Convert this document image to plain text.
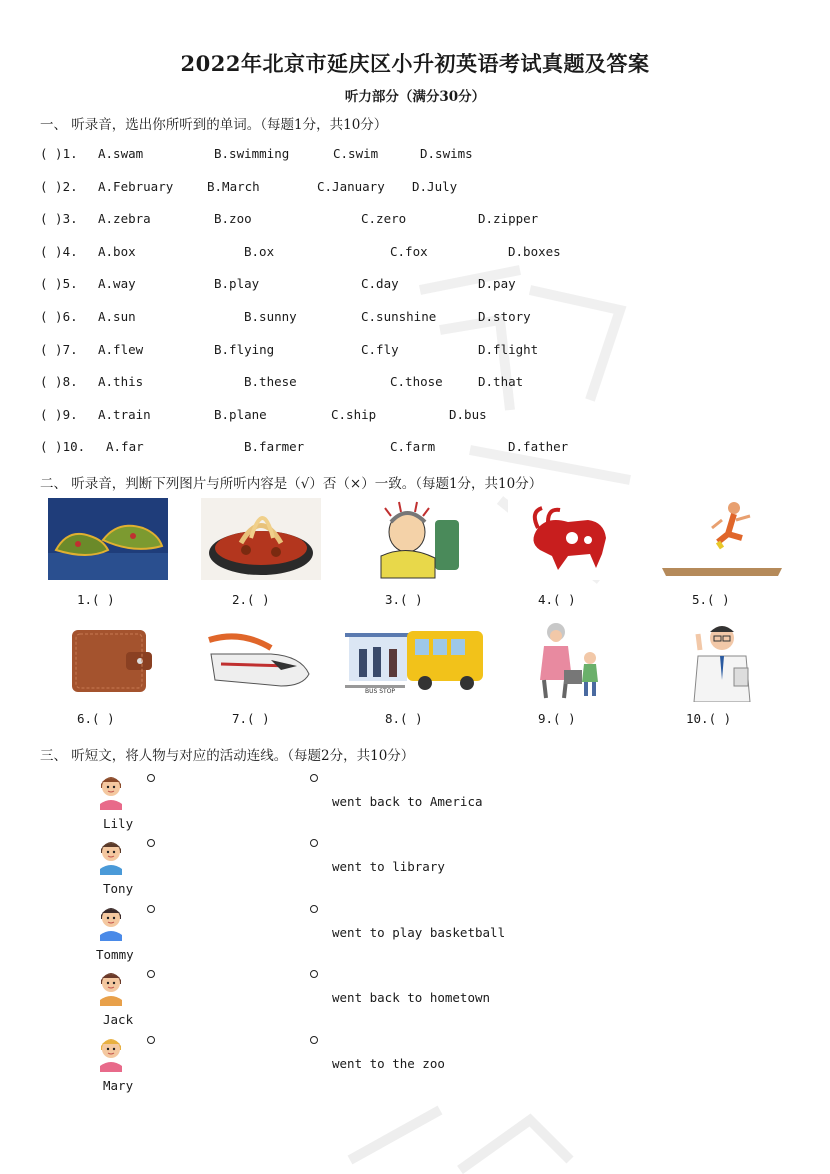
2022年北京市延庆区小升初英语考试真题及答案
听力部分（满分30分）
一、 听录音，选出你所听到的单词。（每题1分，共10分）
( )1. A.swam	B.swimming	C.swim	D.swims
( )2. A.February	B.March	C.January D.July
( )3. A.zebra	B.zoo	C.zero	D.zipper
( )4. A.box	B.ox	C.fox	D.boxes
( )5. A.way	B.play	C.day	D.pay
( )6. A.sun	B.sunny	C.sunshine	D.story
( )7. A.flew	B.flying	C.fly	D.flight
( )8. A.this	B.these	C.those	D.that
( )9. A.train	B.plane	C.ship	D.bus
( )10. A.far	B.farmer	C.farm	D.father
二、 听录音，判断下列图片与所听内容是（√）否（×）一致。（每题1分，共10分）
1.( )	2.( )	3.( )	4.( )	5.( )
BUS STOP
6.( )	7.( )	8.( )	9.( )	10.( )
三、 听短文，将人物与对应的活动连线。（每题2分，共10分）
Lily
went back to America
Tony
went to library
Tommy
went to play basketball
Jack
went back to hometown
Mary
went to the zoo
